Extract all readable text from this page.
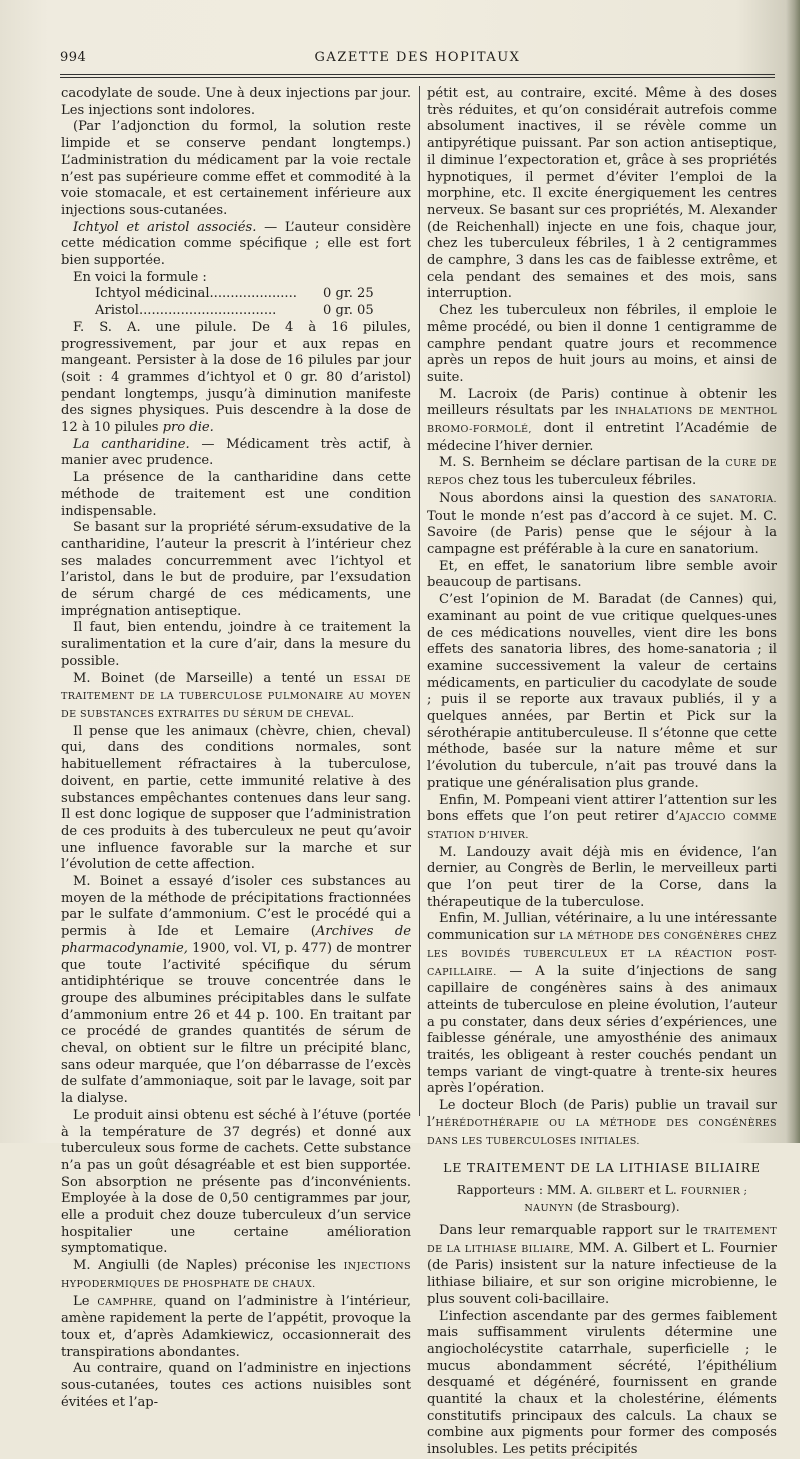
994	GAZETTE DES HOPITAUX

cacodylate de soude. Une à deux injections par jour. Les injections sont indolores.

(Par l’adjonction du formol, la solution reste limpide et se conserve pendant longtemps.) L’administration du médicament par la voie rectale n’est pas supérieure comme effet et commodité à la voie stomacale, et est certainement inférieure aux injections sous-cutanées.

Ichtyol et aristol associés. — L’auteur considère cette médication comme spécifique ; elle est fort bien supportée.

En voici la formule :

Ichtyol médicinal..................... 0 gr. 25
Aristol.................................	0 gr. 05

F. S. A. une pilule. De 4 à 16 pilules, progressivement, par jour et aux repas en mangeant. Persister à la dose de 16 pilules par jour (soit : 4 grammes d’ichtyol et 0 gr. 80 d’aristol) pendant longtemps, jusqu’à diminution manifeste des signes physiques. Puis descendre à la dose de 12 à 10 pilules pro die.

La cantharidine. — Médicament très actif, à manier avec prudence.

La présence de la cantharidine dans cette méthode de traitement est une condition indispensable.

Se basant sur la propriété sérum-exsudative de la cantharidine, l’auteur la prescrit à l’intérieur chez ses malades concurremment avec l’ichtyol et l’aristol, dans le but de produire, par l’exsudation de sérum chargé de ces médicaments, une imprégnation antiseptique.

Il faut, bien entendu, joindre à ce traitement la suralimentation et la cure d’air, dans la mesure du possible.

M. Boinet (de Marseille) a tenté un ESSAI DE TRAITEMENT DE LA TUBERCULOSE PULMONAIRE AU MOYEN DE SUBSTANCES EXTRAITES DU SÉRUM DE CHEVAL.

Il pense que les animaux (chèvre, chien, cheval) qui, dans des conditions normales, sont habituellement réfractaires à la tuberculose, doivent, en partie, cette immunité relative à des substances empêchantes contenues dans leur sang. Il est donc logique de supposer que l’administration de ces produits à des tuberculeux ne peut qu’avoir une influence favorable sur la marche et sur l’évolution de cette affection.

M. Boinet a essayé d’isoler ces substances au moyen de la méthode de précipitations fractionnées par le sulfate d’ammonium. C’est le procédé qui a permis à Ide et Lemaire (Archives de pharmacodynamie, 1900, vol. VI, p. 477) de montrer que toute l’activité spécifique du sérum antidiphtérique se trouve concentrée dans le groupe des albumines précipitables dans le sulfate d’ammonium entre 26 et 44 p. 100. En traitant par ce procédé de grandes quantités de sérum de cheval, on obtient sur le filtre un précipité blanc, sans odeur marquée, que l’on débarrasse de l’excès de sulfate d’ammoniaque, soit par le lavage, soit par la dialyse.

Le produit ainsi obtenu est séché à l’étuve (portée à la température de 37 degrés) et donné aux tuberculeux sous forme de cachets. Cette substance n’a pas un goût désagréable et est bien supportée. Son absorption ne présente pas d’inconvénients. Employée à la dose de 0,50 centigrammes par jour, elle a produit chez douze tuberculeux d’un service hospitalier une certaine amélioration symptomatique.

M. Angiulli (de Naples) préconise les INJECTIONS HYPODERMIQUES DE PHOSPHATE DE CHAUX.

Le CAMPHRE, quand on l’administre à l’intérieur, amène rapidement la perte de l’appétit, provoque la toux et, d’après Adamkiewicz, occasionnerait des transpirations abondantes.

Au contraire, quand on l’administre en injections sous-cutanées, toutes ces actions nuisibles sont évitées et l’ap-

pétit est, au contraire, excité. Même à des doses très réduites, et qu’on considérait autrefois comme absolument inactives, il se révèle comme un antipyrétique puissant. Par son action antiseptique, il diminue l’expectoration et, grâce à ses propriétés hypnotiques, il permet d’éviter l’emploi de la morphine, etc. Il excite énergiquement les centres nerveux. Se basant sur ces propriétés, M. Alexander (de Reichenhall) injecte en une fois, chaque jour, chez les tuberculeux fébriles, 1 à 2 centigrammes de camphre, 3 dans les cas de faiblesse extrême, et cela pendant des semaines et des mois, sans interruption.

Chez les tuberculeux non fébriles, il emploie le même procédé, ou bien il donne 1 centigramme de camphre pendant quatre jours et recommence après un repos de huit jours au moins, et ainsi de suite.

M. Lacroix (de Paris) continue à obtenir les meilleurs résultats par les INHALATIONS DE MENTHOL BROMO-FORMOLÉ, dont il entretint l’Académie de médecine l’hiver dernier.

M. S. Bernheim se déclare partisan de la CURE DE REPOS chez tous les tuberculeux fébriles.

Nous abordons ainsi la question des SANATORIA. Tout le monde n’est pas d’accord à ce sujet. M. C. Savoire (de Paris) pense que le séjour à la campagne est préférable à la cure en sanatorium.

Et, en effet, le sanatorium libre semble avoir beaucoup de partisans.

C’est l’opinion de M. Baradat (de Cannes) qui, examinant au point de vue critique quelques-unes de ces médications nouvelles, vient dire les bons effets des sanatoria libres, des home-sanatoria ; il examine successivement la valeur de certains médicaments, en particulier du cacodylate de soude ; puis il se reporte aux travaux publiés, il y a quelques années, par Bertin et Pick sur la sérothérapie antituberculeuse. Il s’étonne que cette méthode, basée sur la nature même et sur l’évolution du tubercule, n’ait pas trouvé dans la pratique une généralisation plus grande.

Enfin, M. Pompeani vient attirer l’attention sur les bons effets que l’on peut retirer d’AJACCIO COMME STATION D’HIVER.

M. Landouzy avait déjà mis en évidence, l’an dernier, au Congrès de Berlin, le merveilleux parti que l’on peut tirer de la Corse, dans la thérapeutique de la tuberculose.

Enfin, M. Jullian, vétérinaire, a lu une intéressante communication sur LA MÉTHODE DES CONGÉNÈRES CHEZ LES BOVIDÉS TUBERCULEUX ET LA RÉACTION POST-CAPILLAIRE. — A la suite d’injections de sang capillaire de congénères sains à des animaux atteints de tuberculose en pleine évolution, l’auteur a pu constater, dans deux séries d’expériences, une faiblesse générale, une amyosthénie des animaux traités, les obligeant à rester couchés pendant un temps variant de vingt-quatre à trente-six heures après l’opération.

Le docteur Bloch (de Paris) publie un travail sur l’HÉRÉDOTHÉRAPIE OU LA MÉTHODE DES CONGÉNÈRES DANS LES TUBERCULOSES INITIALES.

LE TRAITEMENT DE LA LITHIASE BILIAIRE

Rapporteurs : MM. A. GILBERT et L. FOURNIER ;
NAUNYN (de Strasbourg).

Dans leur remarquable rapport sur le TRAITEMENT DE LA LITHIASE BILIAIRE, MM. A. Gilbert et L. Fournier (de Paris) insistent sur la nature infectieuse de la lithiase biliaire, et sur son origine microbienne, le plus souvent coli-bacillaire.

L’infection ascendante par des germes faiblement mais suffisamment virulents détermine une angiocholécystite catarrhale, superficielle ; le mucus abondamment sécrété, l’épithélium desquamé et dégénéré, fournissent en grande quantité la chaux et la cholestérine, éléments constitutifs principaux des calculs. La chaux se combine aux pigments pour former des composés insolubles. Les petits précipités
